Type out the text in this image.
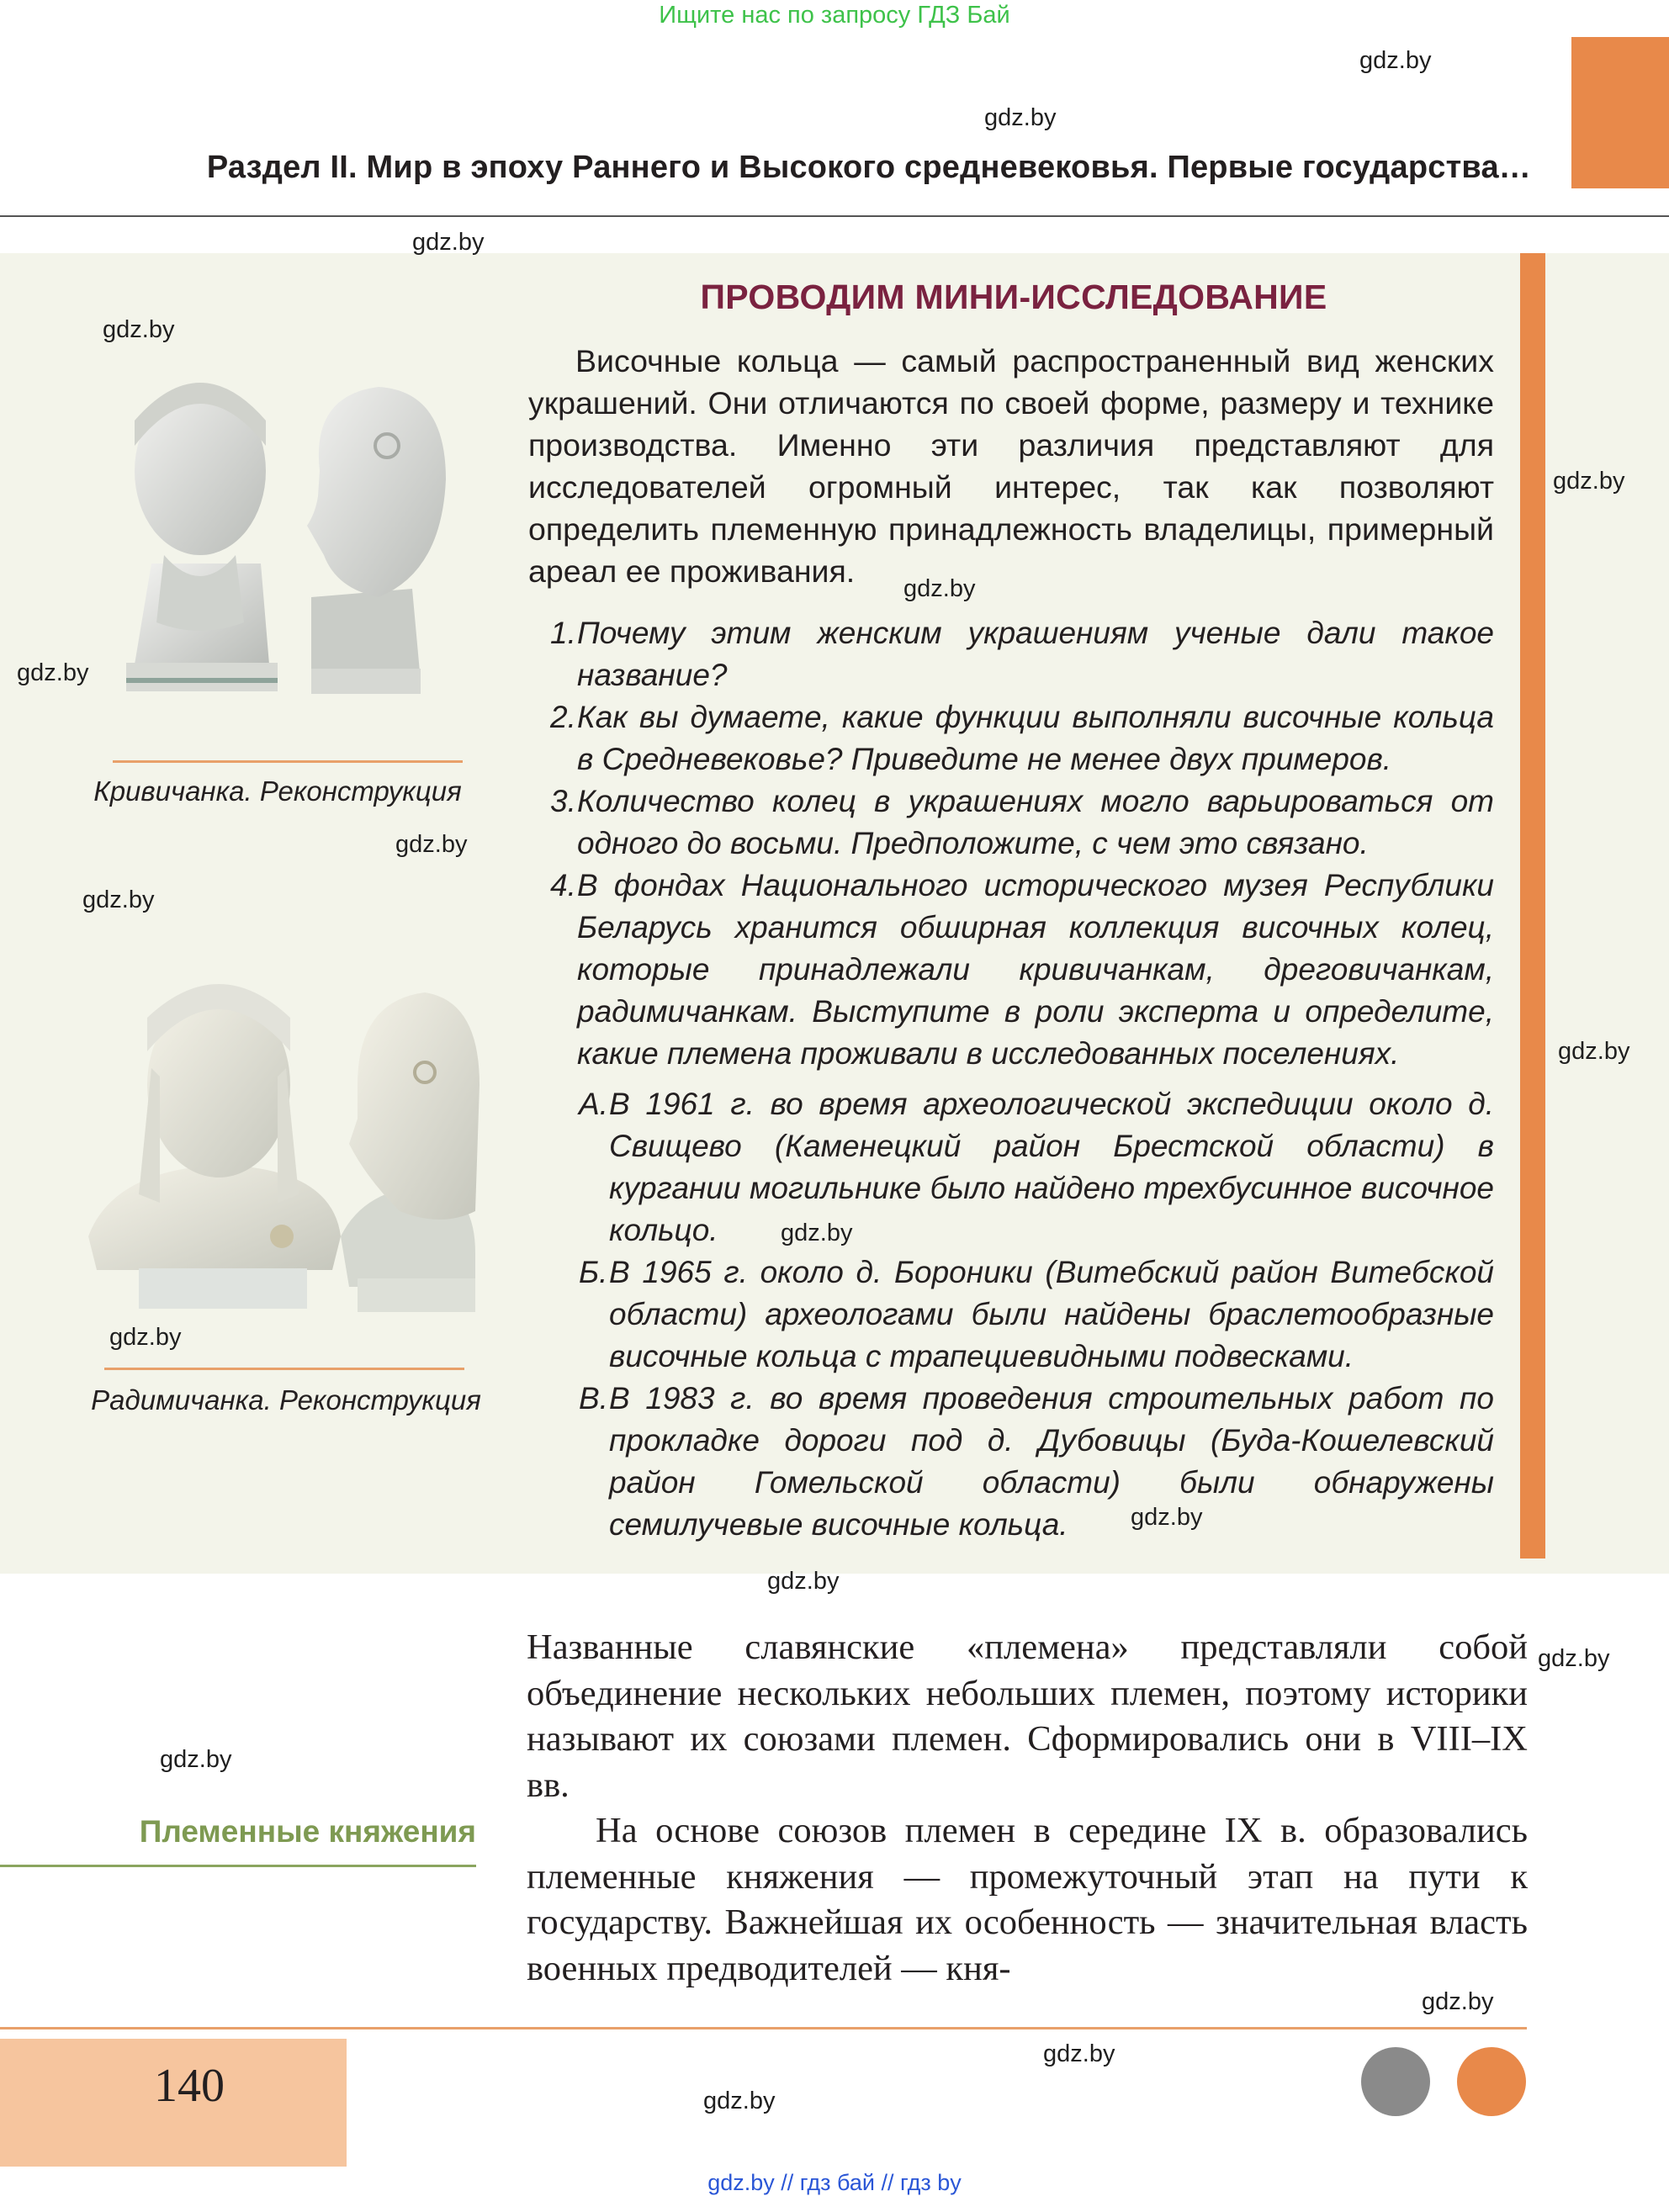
Ищите нас по запросу ГДЗ Бай
Раздел II. Мир в эпоху Раннего и Высокого средневековья. Первые государства…
ПРОВОДИМ МИНИ-ИССЛЕДОВАНИЕ
Височные кольца — самый распространенный вид женских украшений. Они отличаются по своей форме, размеру и технике производства. Именно эти различия представляют для исследователей огромный интерес, так как позволяют определить племенную принадлежность владелицы, примерный ареал ее проживания.
1. Почему этим женским украшениям ученые дали такое название?
2. Как вы думаете, какие функции выполняли височные кольца в Средневековье? Приведите не менее двух примеров.
3. Количество колец в украшениях могло варьироваться от одного до восьми. Предположите, с чем это связано.
4. В фондах Национального исторического музея Республики Беларусь хранится обширная коллекция височных колец, которые принадлежали кривичанкам, дреговичанкам, радимичанкам. Выступите в роли эксперта и определите, какие племена проживали в исследованных поселениях.
А. В 1961 г. во время археологической экспедиции около д. Свищево (Каменецкий район Брестской области) в кургании могильнике было найдено трехбусинное височное кольцо.
Б. В 1965 г. около д. Бороники (Витебский район Витебской области) археологами были найдены браслетообразные височные кольца с трапециевидными подвесками.
В. В 1983 г. во время проведения строительных работ по прокладке дороги под д. Дубовицы (Буда-Кошелевский район Гомельской области) были обнаружены семилучевые височные кольца.
Кривичанка. Реконструкция
Радимичанка. Реконструкция

Названные славянские «племена» представляли собой объединение нескольких небольших племен, поэтому историки называют их союзами племен. Сформировались они в VIII–IX вв.

На основе союзов племен в середине IX в. образовались племенные княжения — промежуточный этап на пути к государству. Важнейшая их особенность — значительная власть военных предводителей — кня-

Племенные княжения
140
gdz.by // гдз бай // гдз by
gdz.by
gdz.by
gdz.by
gdz.by
gdz.by
gdz.by
gdz.by
gdz.by
gdz.by
gdz.by
gdz.by
gdz.by
gdz.by
gdz.by
gdz.by
gdz.by
gdz.by
gdz.by
gdz.by
